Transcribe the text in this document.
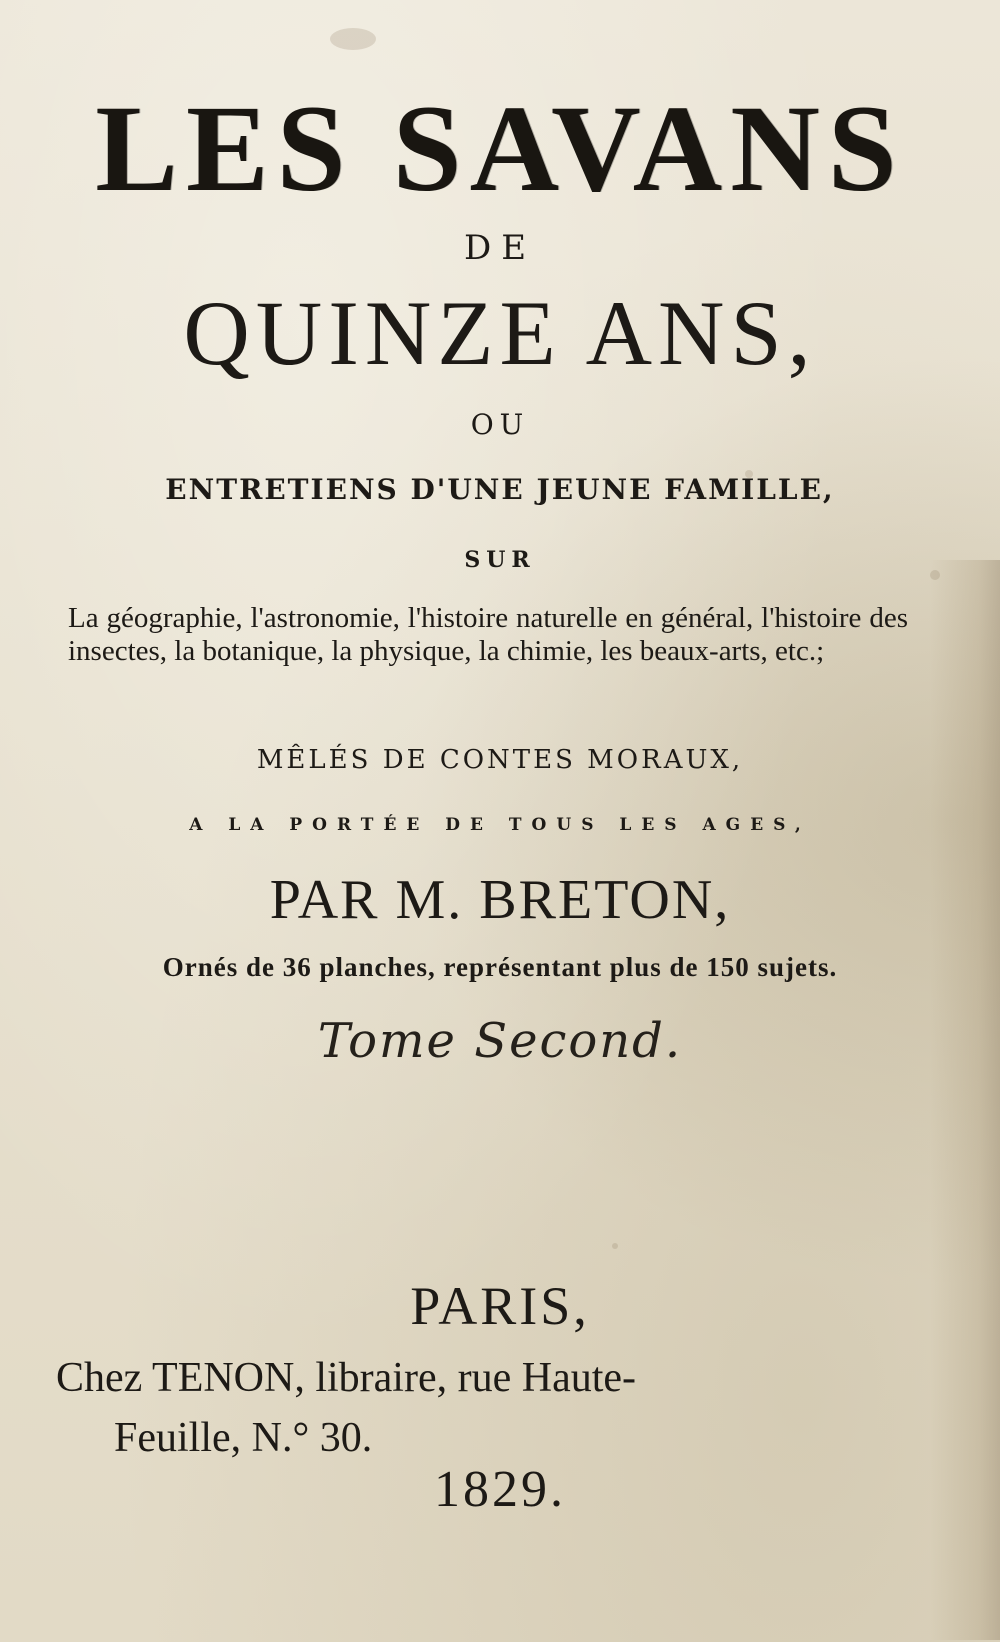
LES SAVANS

DE

QUINZE ANS,

OU

ENTRETIENS D'UNE JEUNE FAMILLE,

SUR

La géographie, l'astronomie, l'histoire naturelle en général, l'histoire des insectes, la botanique, la physique, la chimie, les beaux-arts, etc.;

MÊLÉS DE CONTES MORAUX,

A LA PORTÉE DE TOUS LES AGES,

PAR M. BRETON,

Ornés de 36 planches, représentant plus de 150 sujets.

Tome Second.

PARIS,

Chez TENON, libraire, rue Haute-
Feuille, N.° 30.

1829.
